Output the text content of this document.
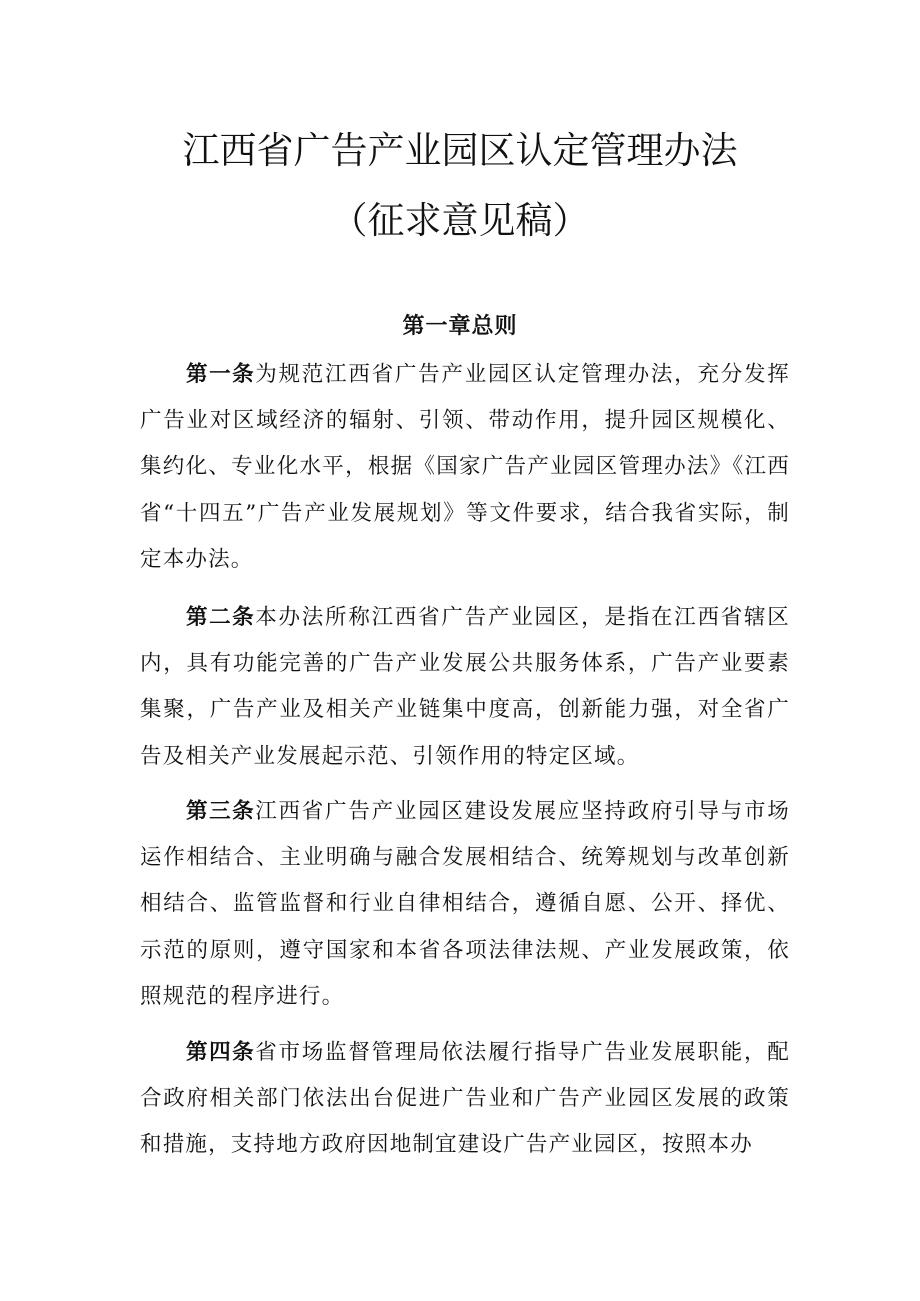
江西省广告产业园区认定管理办法
（征求意见稿）
第一章总则

第一条为规范江西省广告产业园区认定管理办法，充分发挥广告业对区域经济的辐射、引领、带动作用，提升园区规模化、集约化、专业化水平，根据《国家广告产业园区管理办法》《江西省“十四五”广告产业发展规划》等文件要求，结合我省实际，制定本办法。

第二条本办法所称江西省广告产业园区，是指在江西省辖区内，具有功能完善的广告产业发展公共服务体系，广告产业要素集聚，广告产业及相关产业链集中度高，创新能力强，对全省广告及相关产业发展起示范、引领作用的特定区域。

第三条江西省广告产业园区建设发展应坚持政府引导与市场运作相结合、主业明确与融合发展相结合、统筹规划与改革创新相结合、监管监督和行业自律相结合，遵循自愿、公开、择优、示范的原则，遵守国家和本省各项法律法规、产业发展政策，依照规范的程序进行。

第四条省市场监督管理局依法履行指导广告业发展职能，配合政府相关部门依法出台促进广告业和广告产业园区发展的政策和措施，支持地方政府因地制宜建设广告产业园区，按照本办
